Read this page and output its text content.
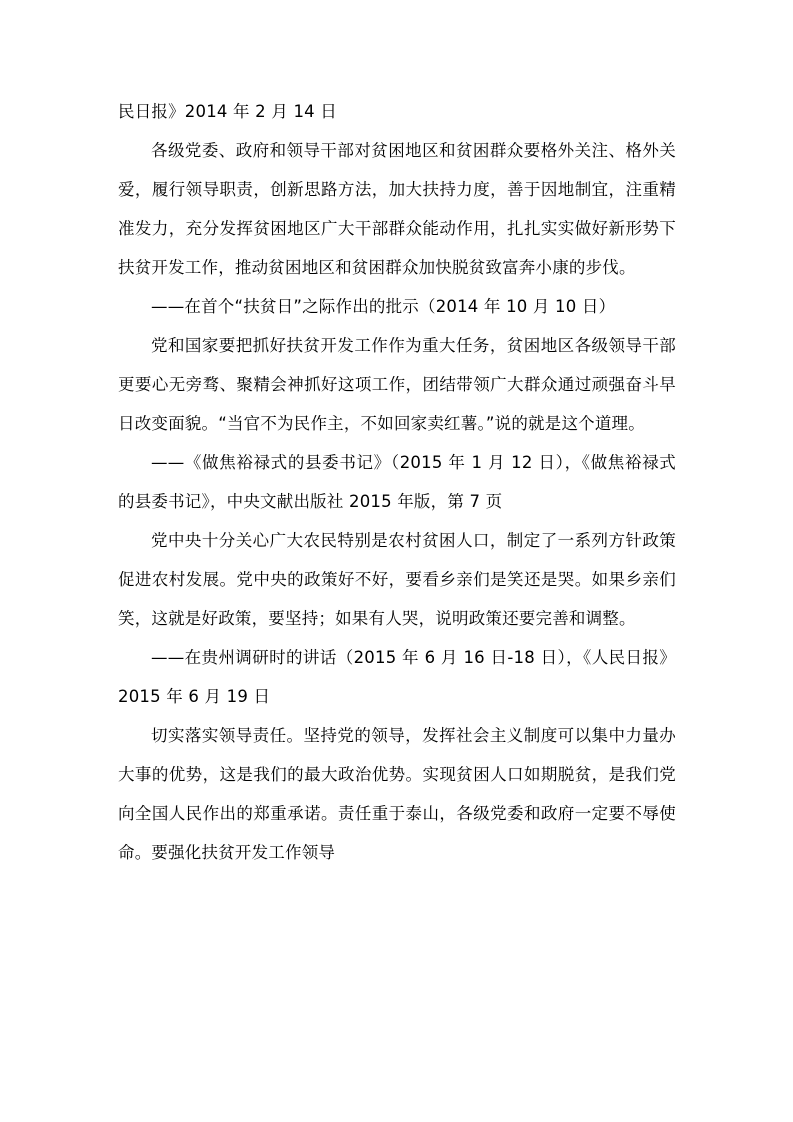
民日报》2014 年 2 月 14 日

各级党委、政府和领导干部对贫困地区和贫困群众要格外关注、格外关爱，履行领导职责，创新思路方法，加大扶持力度，善于因地制宜，注重精准发力，充分发挥贫困地区广大干部群众能动作用，扎扎实实做好新形势下扶贫开发工作，推动贫困地区和贫困群众加快脱贫致富奔小康的步伐。

——在首个“扶贫日”之际作出的批示（2014 年 10 月 10 日）

党和国家要把抓好扶贫开发工作作为重大任务，贫困地区各级领导干部更要心无旁骛、聚精会神抓好这项工作，团结带领广大群众通过顽强奋斗早日改变面貌。“当官不为民作主，不如回家卖红薯。”说的就是这个道理。

——《做焦裕禄式的县委书记》（2015 年 1 月 12 日），《做焦裕禄式的县委书记》，中央文献出版社 2015 年版，第 7 页

党中央十分关心广大农民特别是农村贫困人口，制定了一系列方针政策促进农村发展。党中央的政策好不好，要看乡亲们是笑还是哭。如果乡亲们笑，这就是好政策，要坚持；如果有人哭，说明政策还要完善和调整。

——在贵州调研时的讲话（2015 年 6 月 16 日-18 日），《人民日报》2015 年 6 月 19 日

切实落实领导责任。坚持党的领导，发挥社会主义制度可以集中力量办大事的优势，这是我们的最大政治优势。实现贫困人口如期脱贫，是我们党向全国人民作出的郑重承诺。责任重于泰山，各级党委和政府一定要不辱使命。要强化扶贫开发工作领导
